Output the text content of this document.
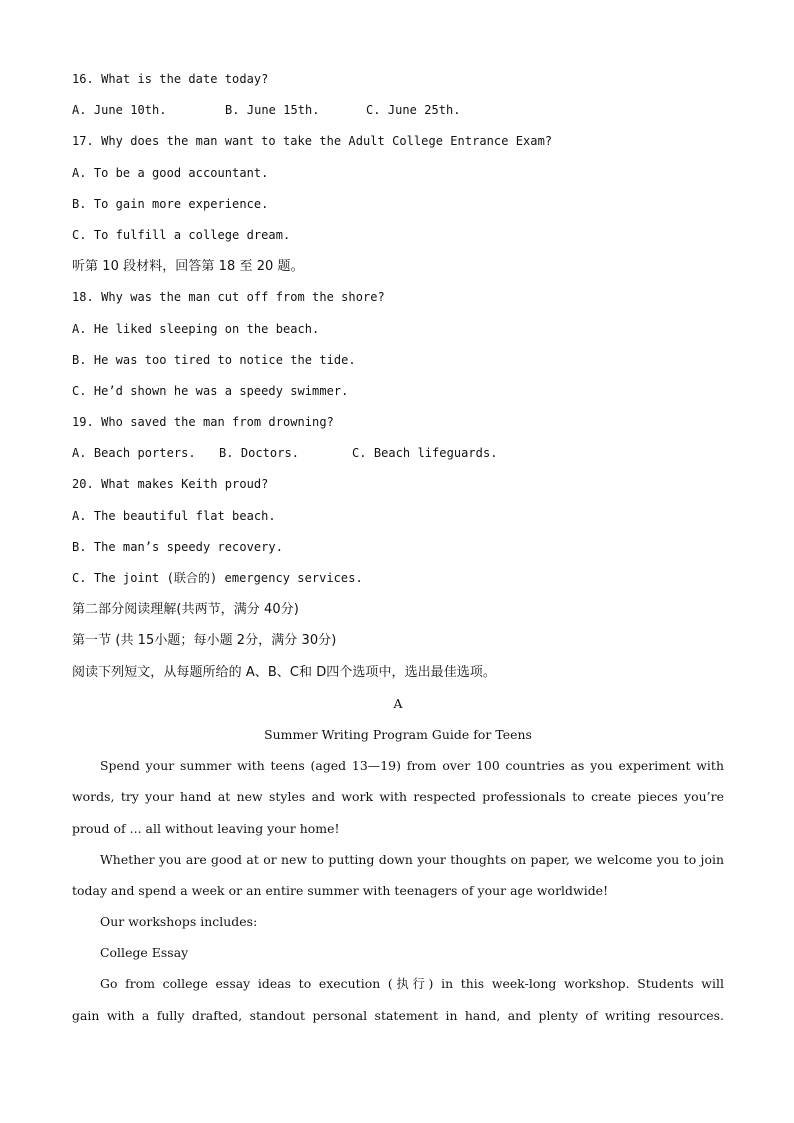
16. What is the date today?
A. June 10th.	B. June 15th.	C. June 25th.
17. Why does the man want to take the Adult College Entrance Exam?
A. To be a good accountant.
B. To gain more experience.
C. To fulfill a college dream.
听第 10 段材料，回答第 18 至 20 题。
18. Why was the man cut off from the shore?
A. He liked sleeping on the beach.
B. He was too tired to notice the tide.
C. He’d shown he was a speedy swimmer.
19. Who saved the man from drowning?
A. Beach porters. B. Doctors.	C. Beach lifeguards.
20. What makes Keith proud?
A. The beautiful flat beach.
B. The man’s speedy recovery.
C. The joint (联合的) emergency services.
第二部分阅读理解(共两节，满分 40分)
第一节 (共 15小题；每小题 2分，满分 30分)
阅读下列短文，从每题所给的 A、B、C和 D四个选项中，选出最佳选项。
A
Summer Writing Program Guide for Teens
Spend your summer with teens (aged 13—19) from over 100 countries as you experiment with
words, try your hand at new styles and work with respected professionals to create pieces you’re
proud of ... all without leaving your home!
Whether you are good at or new to putting down your thoughts on paper, we welcome you to join
today and spend a week or an entire summer with teenagers of your age worldwide!
Our workshops includes:
College Essay
Go from college essay ideas to execution (执行) in this week-long workshop. Students will
gain with a fully drafted, standout personal statement in hand, and plenty of writing resources.
